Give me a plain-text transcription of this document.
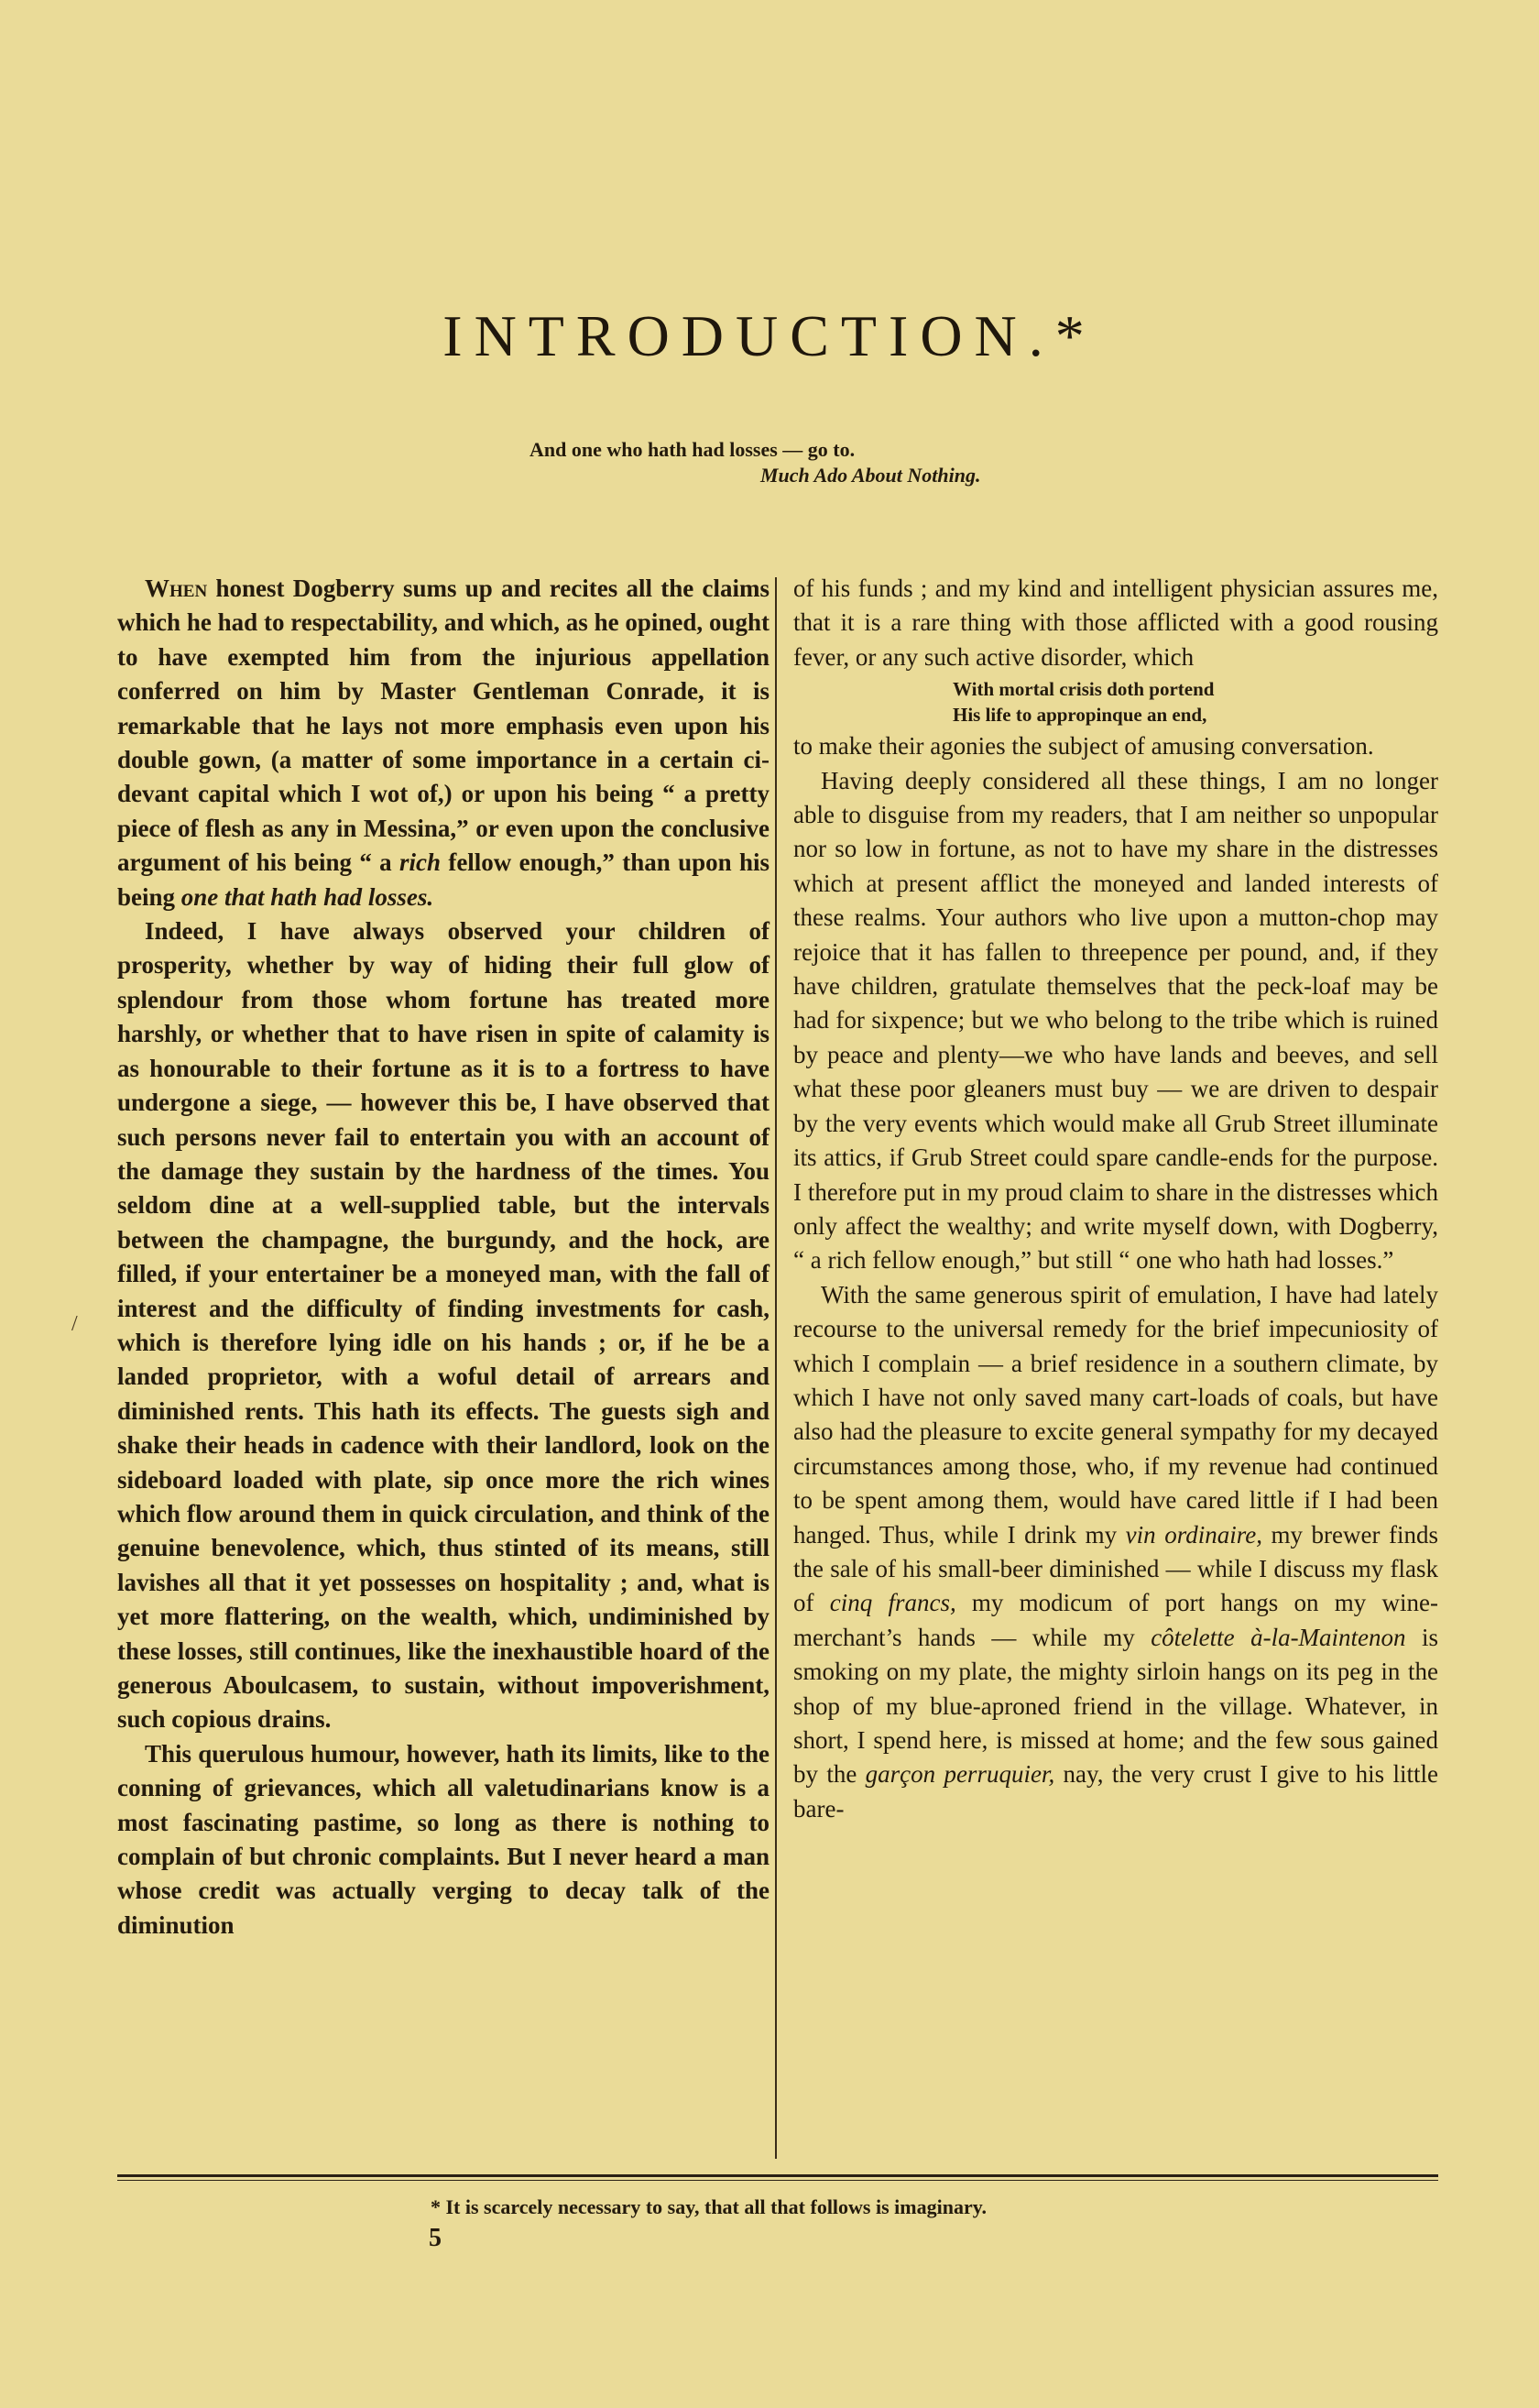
INTRODUCTION.*
And one who hath had losses — go to.
Much Ado About Nothing.

When honest Dogberry sums up and recites all the claims which he had to respectability, and which, as he opined, ought to have exempted him from the injurious appellation conferred on him by Master Gentleman Conrade, it is remarkable that he lays not more emphasis even upon his double gown, (a matter of some importance in a certain ci-devant capital which I wot of,) or upon his being “ a pretty piece of flesh as any in Messina,” or even upon the conclusive argument of his being “ a rich fellow enough,” than upon his being one that hath had losses.

Indeed, I have always observed your children of prosperity, whether by way of hiding their full glow of splendour from those whom fortune has treated more harshly, or whether that to have risen in spite of calamity is as honourable to their fortune as it is to a fortress to have undergone a siege, — however this be, I have observed that such persons never fail to entertain you with an account of the damage they sustain by the hardness of the times. You seldom dine at a well-supplied table, but the intervals between the champagne, the burgundy, and the hock, are filled, if your entertainer be a moneyed man, with the fall of interest and the difficulty of finding investments for cash, which is therefore lying idle on his hands ; or, if he be a landed proprietor, with a woful detail of arrears and diminished rents. This hath its effects. The guests sigh and shake their heads in cadence with their landlord, look on the sideboard loaded with plate, sip once more the rich wines which flow around them in quick circulation, and think of the genuine benevolence, which, thus stinted of its means, still lavishes all that it yet possesses on hospitality ; and, what is yet more flattering, on the wealth, which, undiminished by these losses, still continues, like the inexhaustible hoard of the generous Aboulcasem, to sustain, without impoverishment, such copious drains.

This querulous humour, however, hath its limits, like to the conning of grievances, which all valetudinarians know is a most fascinating pastime, so long as there is nothing to complain of but chronic complaints. But I never heard a man whose credit was actually verging to decay talk of the diminution

of his funds ; and my kind and intelligent physician assures me, that it is a rare thing with those afflicted with a good rousing fever, or any such active disorder, which

With mortal crisis doth portend
His life to appropinque an end,

to make their agonies the subject of amusing conversation.

Having deeply considered all these things, I am no longer able to disguise from my readers, that I am neither so unpopular nor so low in fortune, as not to have my share in the distresses which at present afflict the moneyed and landed interests of these realms. Your authors who live upon a mutton-chop may rejoice that it has fallen to threepence per pound, and, if they have children, gratulate themselves that the peck-loaf may be had for sixpence; but we who belong to the tribe which is ruined by peace and plenty—we who have lands and beeves, and sell what these poor gleaners must buy — we are driven to despair by the very events which would make all Grub Street illuminate its attics, if Grub Street could spare candle-ends for the purpose. I therefore put in my proud claim to share in the distresses which only affect the wealthy; and write myself down, with Dogberry, “ a rich fellow enough,” but still “ one who hath had losses.”

With the same generous spirit of emulation, I have had lately recourse to the universal remedy for the brief impecuniosity of which I complain — a brief residence in a southern climate, by which I have not only saved many cart-loads of coals, but have also had the pleasure to excite general sympathy for my decayed circumstances among those, who, if my revenue had continued to be spent among them, would have cared little if I had been hanged. Thus, while I drink my vin ordinaire, my brewer finds the sale of his small-beer diminished — while I discuss my flask of cinq francs, my modicum of port hangs on my wine-merchant’s hands — while my côtelette à-la-Maintenon is smoking on my plate, the mighty sirloin hangs on its peg in the shop of my blue-aproned friend in the village. Whatever, in short, I spend here, is missed at home; and the few sous gained by the garçon perruquier, nay, the very crust I give to his little bare-

/
* It is scarcely necessary to say, that all that follows is imaginary.
5
